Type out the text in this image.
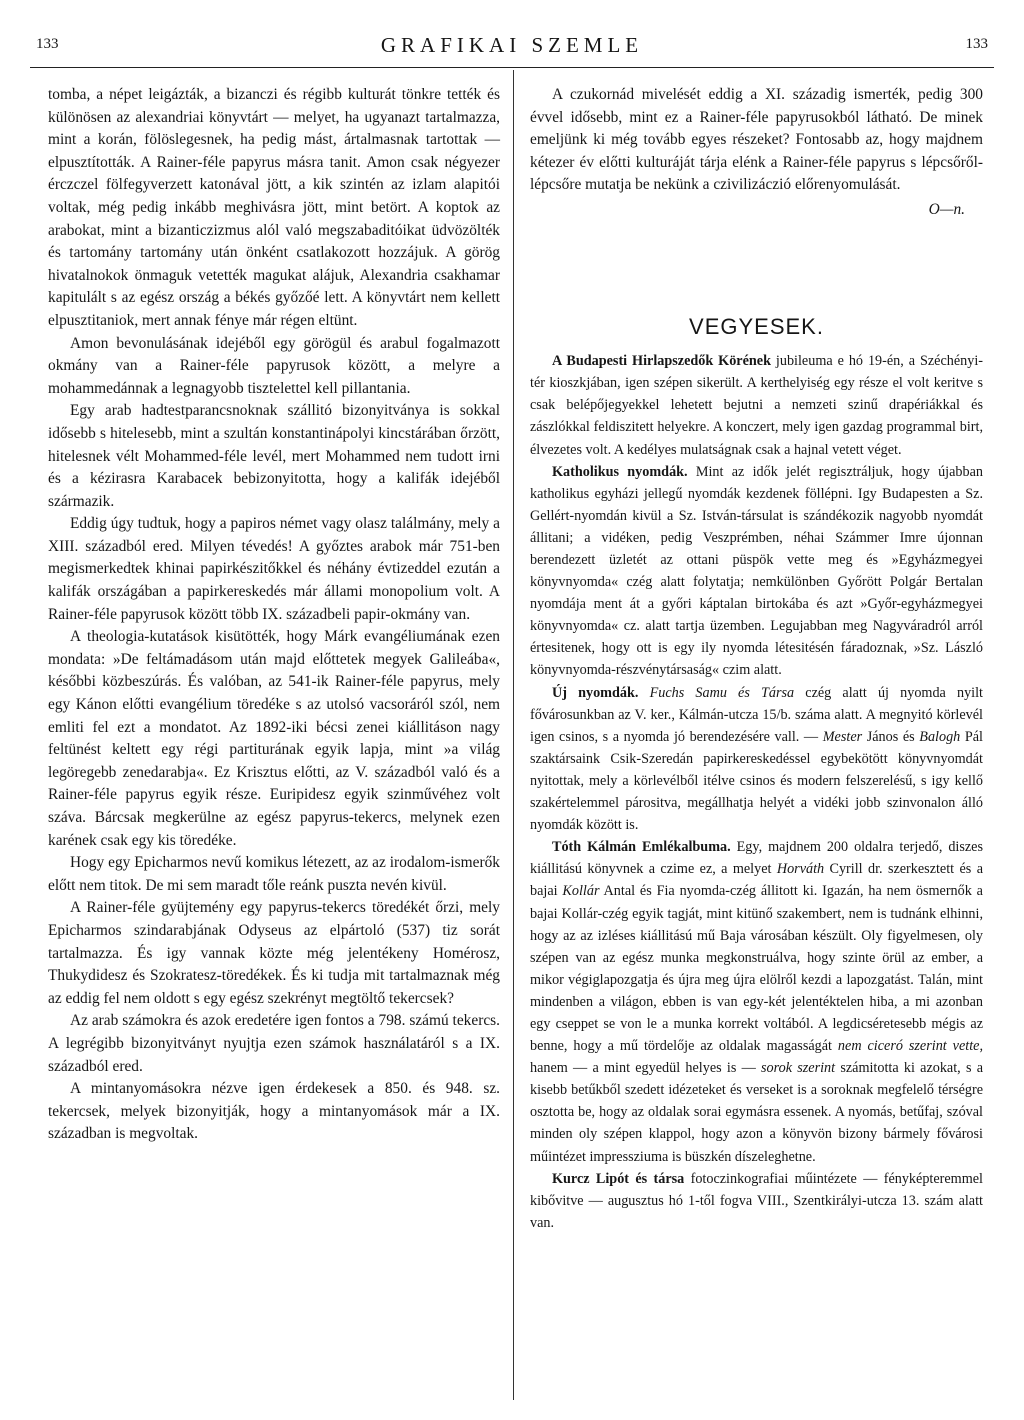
133	GRAFIKAI SZEMLE	133

tomba, a népet leigázták, a bizanczi és régibb kulturát tönkre tették és különösen az alexandriai könyvtárt — melyet, ha ugyanazt tartalmazza, mint a korán, fölöslegesnek, ha pedig mást, ártalmasnak tartottak — elpusztították. A Rainer-féle papyrus másra tanit. Amon csak négyezer érczczel fölfegyverzett katonával jött, a kik szintén az izlam alapitói voltak, még pedig inkább meghivásra jött, mint betört. A koptok az arabokat, mint a bizanticzizmus alól való megszabaditóikat üdvözölték és tartomány tartomány után önként csatlakozott hozzájuk. A görög hivatalnokok önmaguk vetették magukat alájuk, Alexandria csakhamar kapitulált s az egész ország a békés győzőé lett. A könyvtárt nem kellett elpusztitaniok, mert annak fénye már régen eltünt.

Amon bevonulásának idejéből egy görögül és arabul fogalmazott okmány van a Rainer-féle papyrusok között, a melyre a mohammedánnak a legnagyobb tisztelettel kell pillantania.

Egy arab hadtestparancsnoknak szállitó bizonyitványa is sokkal idősebb s hitelesebb, mint a szultán konstantinápolyi kincstárában őrzött, hitelesnek vélt Mohammed-féle levél, mert Mohammed nem tudott irni és a kézirasra Karabacek bebizonyitotta, hogy a kalifák idejéből származik.

Eddig úgy tudtuk, hogy a papiros német vagy olasz találmány, mely a XIII. századból ered. Milyen tévedés! A győztes arabok már 751-ben megismerkedtek khinai papirkészitőkkel és néhány évtizeddel ezután a kalifák országában a papirkereskedés már állami monopolium volt. A Rainer-féle papyrusok között több IX. századbeli papir-okmány van.

A theologia-kutatások kisütötték, hogy Márk evangéliumának ezen mondata: »De feltámadásom után majd előttetek megyek Galileába«, későbbi közbeszúrás. És valóban, az 541-ik Rainer-féle papyrus, mely egy Kánon előtti evangélium töredéke s az utolsó vacsoráról szól, nem emliti fel ezt a mondatot. Az 1892-iki bécsi zenei kiállitáson nagy feltünést keltett egy régi partiturának egyik lapja, mint »a világ legöregebb zenedarabja«. Ez Krisztus előtti, az V. századból való és a Rainer-féle papyrus egyik része. Euripidesz egyik szinművéhez volt száva. Bárcsak megkerülne az egész papyrus-tekercs, melynek ezen karének csak egy kis töredéke.

Hogy egy Epicharmos nevű komikus létezett, az az irodalom-ismerők előtt nem titok. De mi sem maradt tőle reánk puszta nevén kivül.

A Rainer-féle gyüjtemény egy papyrus-tekercs töredékét őrzi, mely Epicharmos szindarabjának Odyseus az elpártoló (537) tiz sorát tartalmazza. És igy vannak közte még jelentékeny Homérosz, Thukydidesz és Szokratesz-töredékek. És ki tudja mit tartalmaznak még az eddig fel nem oldott s egy egész szekrényt megtöltő tekercsek?

Az arab számokra és azok eredetére igen fontos a 798. számú tekercs. A legrégibb bizonyitványt nyujtja ezen számok használatáról s a IX. századból ered.

A mintanyomásokra nézve igen érdekesek a 850. és 948. sz. tekercsek, melyek bizonyitják, hogy a mintanyomások már a IX. században is megvoltak.

A czukornád mivelését eddig a XI. századig ismerték, pedig 300 évvel idősebb, mint ez a Rainer-féle papyrusokból látható. De minek emeljünk ki még tovább egyes részeket? Fontosabb az, hogy majdnem kétezer év előtti kulturáját tárja elénk a Rainer-féle papyrus s lépcsőről-lépcsőre mutatja be nekünk a czivilizáczió előrenyomulását.

O—n.
VEGYESEK.

A Budapesti Hirlapszedők Körének jubileuma e hó 19-én, a Széchényi-tér kioszkjában, igen szépen sikerült. A kerthelyiség egy része el volt keritve s csak belépőjegyekkel lehetett bejutni a nemzeti szinű drapériákkal és zászlókkal feldiszitett helyekre. A konczert, mely igen gazdag programmal birt, élvezetes volt. A kedélyes mulatságnak csak a hajnal vetett véget.

Katholikus nyomdák. Mint az idők jelét regisztráljuk, hogy újabban katholikus egyházi jellegű nyomdák kezdenek föllépni. Igy Budapesten a Sz. Gellért-nyomdán kivül a Sz. István-társulat is szándékozik nagyobb nyomdát állitani; a vidéken, pedig Veszprémben, néhai Számmer Imre újonnan berendezett üzletét az ottani püspök vette meg és »Egyházmegyei könyvnyomda« czég alatt folytatja; nemkülönben Győrött Polgár Bertalan nyomdája ment át a győri káptalan birtokába és azt »Győr-egyházmegyei könyvnyomda« cz. alatt tartja üzemben. Legujabban meg Nagyváradról arról értesitenek, hogy ott is egy ily nyomda létesitésén fáradoznak, »Sz. László könyvnyomda-részvénytársaság« czim alatt.

Új nyomdák. Fuchs Samu és Társa czég alatt új nyomda nyilt fővárosunkban az V. ker., Kálmán-utcza 15/b. száma alatt. A megnyitó körlevél igen csinos, s a nyomda jó berendezésére vall. — Mester János és Balogh Pál szaktársaink Csik-Szeredán papirkereskedéssel egybekötött könyvnyomdát nyitottak, mely a körlevélből itélve csinos és modern felszerelésű, s igy kellő szakértelemmel párositva, megállhatja helyét a vidéki jobb szinvonalon álló nyomdák között is.

Tóth Kálmán Emlékalbuma. Egy, majdnem 200 oldalra terjedő, diszes kiállitású könyvnek a czime ez, a melyet Horváth Cyrill dr. szerkesztett és a bajai Kollár Antal és Fia nyomda-czég állitott ki. Igazán, ha nem ösmernők a bajai Kollár-czég egyik tagját, mint kitünő szakembert, nem is tudnánk elhinni, hogy az az izléses kiállitású mű Baja városában készült. Oly figyelmesen, oly szépen van az egész munka megkonstruálva, hogy szinte örül az ember, a mikor végiglapozgatja és újra meg újra elölről kezdi a lapozgatást. Talán, mint mindenben a világon, ebben is van egy-két jelentéktelen hiba, a mi azonban egy cseppet se von le a munka korrekt voltából. A legdicséretesebb mégis az benne, hogy a mű tördelője az oldalak magasságát nem ciceró szerint vette, hanem — a mint egyedül helyes is — sorok szerint számitotta ki azokat, s a kisebb betűkből szedett idézeteket és verseket is a soroknak megfelelő térségre osztotta be, hogy az oldalak sorai egymásra essenek. A nyomás, betűfaj, szóval minden oly szépen klappol, hogy azon a könyvön bizony bármely fővárosi műintézet impressziuma is büszkén díszeleghetne.

Kurcz Lipót és társa fotoczinkografiai műintézete — fényképteremmel kibővitve — augusztus hó 1-től fogva VIII., Szentkirályi-utcza 13. szám alatt van.
